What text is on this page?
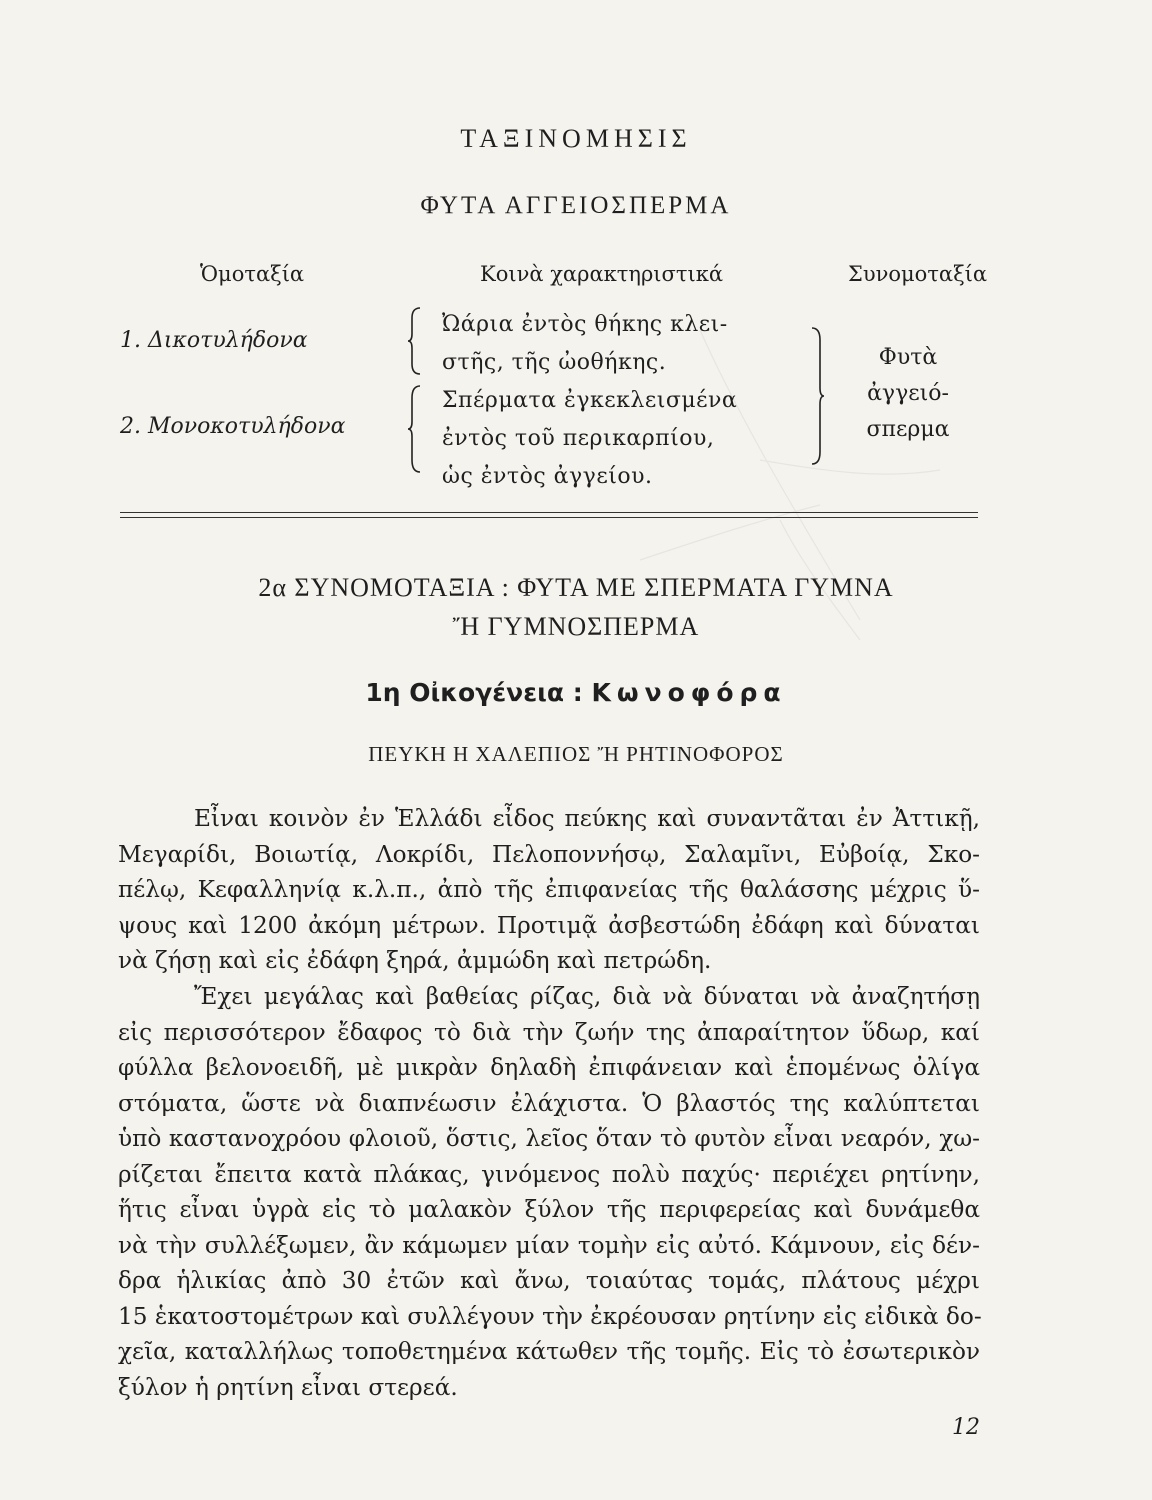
ΤΑΞΙΝΟΜΗΣΙΣ
ΦΥΤΑ ΑΓΓΕΙΟΣΠΕΡΜΑ
Ὁμοταξία	Κοινὰ χαρακτηριστικά	Συνομοταξία
1. Δικοτυλήδονα
2. Μονοκοτυλήδονα
Ὠάρια ἐντὸς θήκης κλει-
στῆς, τῆς ὠοθήκης.
Σπέρματα ἐγκεκλεισμένα
ἐντὸς τοῦ περικαρπίου,
ὡς ἐντὸς ἀγγείου.
Φυτὰ
ἀγγειό-
σπερμα
2α ΣΥΝΟΜΟΤΑΞΙΑ : ΦΥΤΑ ΜΕ ΣΠΕΡΜΑΤΑ ΓΥΜΝΑ
Ἤ ΓΥΜΝΟΣΠΕΡΜΑ
1η Οἰκογένεια : Κωνοφόρα
ΠΕΥΚΗ Η ΧΑΛΕΠΙΟΣ Ἤ ΡΗΤΙΝΟΦΟΡΟΣ
Εἶναι κοινὸν ἐν Ἑλλάδι εἶδος πεύκης καὶ συναντᾶται ἐν Ἀττικῇ,
Μεγαρίδι, Βοιωτίᾳ, Λοκρίδι, Πελοποννήσῳ, Σαλαμῖνι, Εὐβοίᾳ, Σκο-
πέλῳ, Κεφαλληνίᾳ κ.λ.π., ἀπὸ τῆς ἐπιφανείας τῆς θαλάσσης μέχρις ὕ-
ψους καὶ 1200 ἀκόμη μέτρων. Προτιμᾷ ἀσβεστώδη ἐδάφη καὶ δύναται
νὰ ζήσῃ καὶ εἰς ἐδάφη ξηρά, ἀμμώδη καὶ πετρώδη.
Ἔχει μεγάλας καὶ βαθείας ρίζας, διὰ νὰ δύναται νὰ ἀναζητήσῃ
εἰς περισσότερον ἔδαφος τὸ διὰ τὴν ζωήν της ἀπαραίτητον ὕδωρ, καί
φύλλα βελονοειδῆ, μὲ μικρὰν δηλαδὴ ἐπιφάνειαν καὶ ἑπομένως ὀλίγα
στόματα, ὥστε νὰ διαπνέωσιν ἐλάχιστα. Ὁ βλαστός της καλύπτεται
ὑπὸ καστανοχρόου φλοιοῦ, ὅστις, λεῖος ὅταν τὸ φυτὸν εἶναι νεαρόν, χω-
ρίζεται ἔπειτα κατὰ πλάκας, γινόμενος πολὺ παχύς· περιέχει ρητίνην,
ἥτις εἶναι ὑγρὰ εἰς τὸ μαλακὸν ξύλον τῆς περιφερείας καὶ δυνάμεθα
νὰ τὴν συλλέξωμεν, ἂν κάμωμεν μίαν τομὴν εἰς αὐτό. Κάμνουν, εἰς δέν-
δρα ἡλικίας ἀπὸ 30 ἐτῶν καὶ ἄνω, τοιαύτας τομάς, πλάτους μέχρι
15 ἑκατοστομέτρων καὶ συλλέγουν τὴν ἐκρέουσαν ρητίνην εἰς εἰδικὰ δο-
χεῖα, καταλλήλως τοποθετημένα κάτωθεν τῆς τομῆς. Εἰς τὸ ἐσωτερικὸν
ξύλον ἡ ρητίνη εἶναι στερεά.
12
